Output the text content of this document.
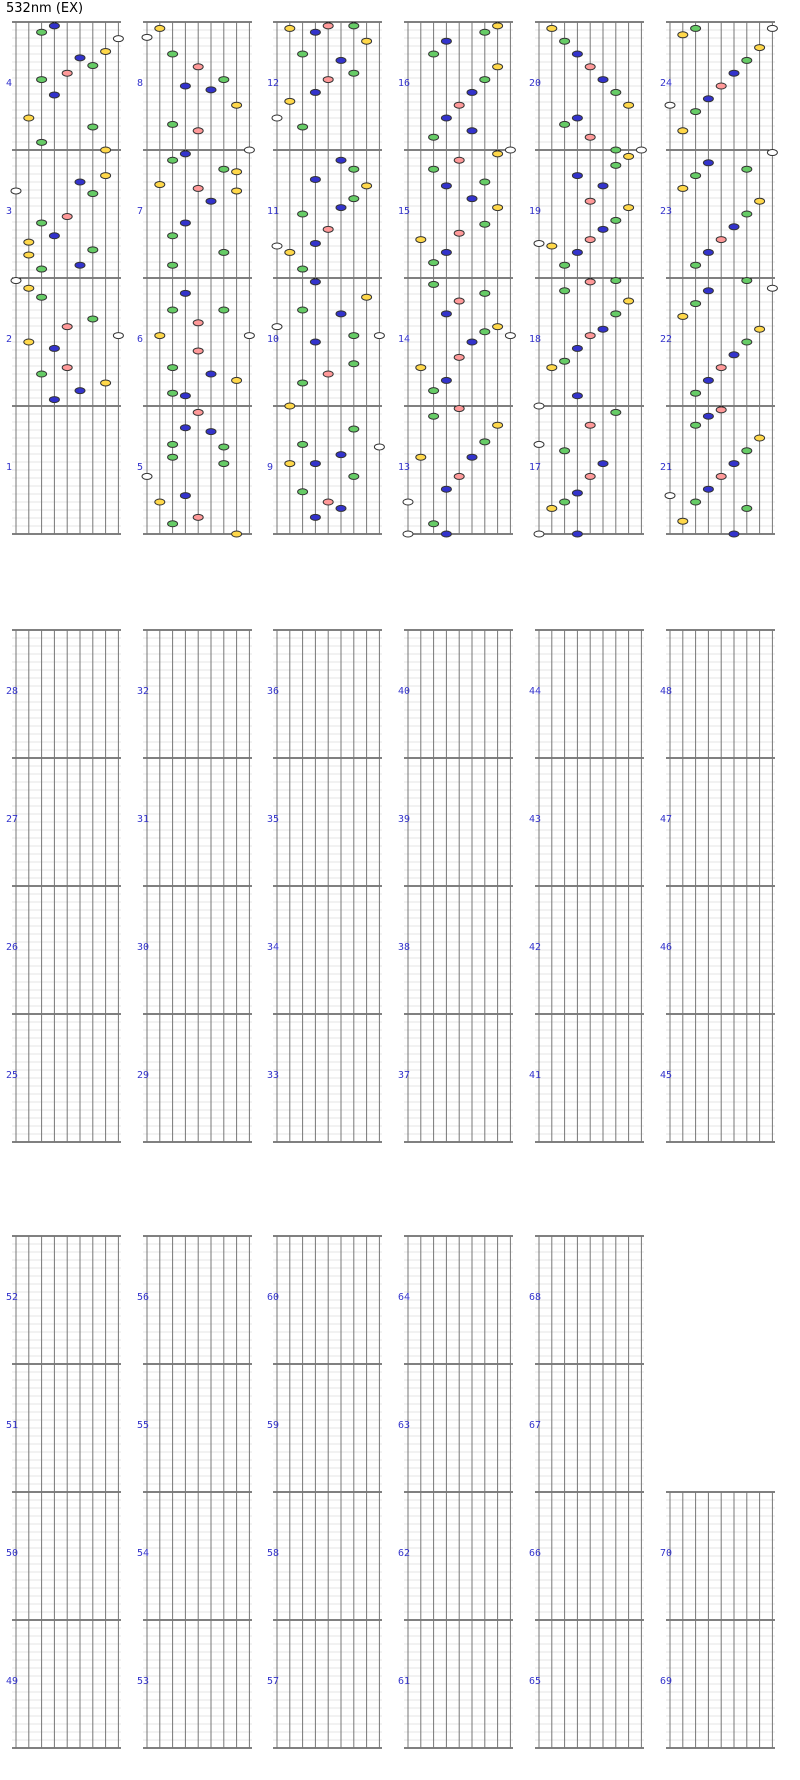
532nm (EX)
1
2
3
4
5
6
7
8
9
10
11
12
13
14
15
16
17
18
19
20
21
22
23
24
25
26
27
28
29
30
31
32
33
34
35
36
37
38
39
40
41
42
43
44
45
46
47
48
49
50
51
52
53
54
55
56
57
58
59
60
61
62
63
64
65
66
67
68
69
70
